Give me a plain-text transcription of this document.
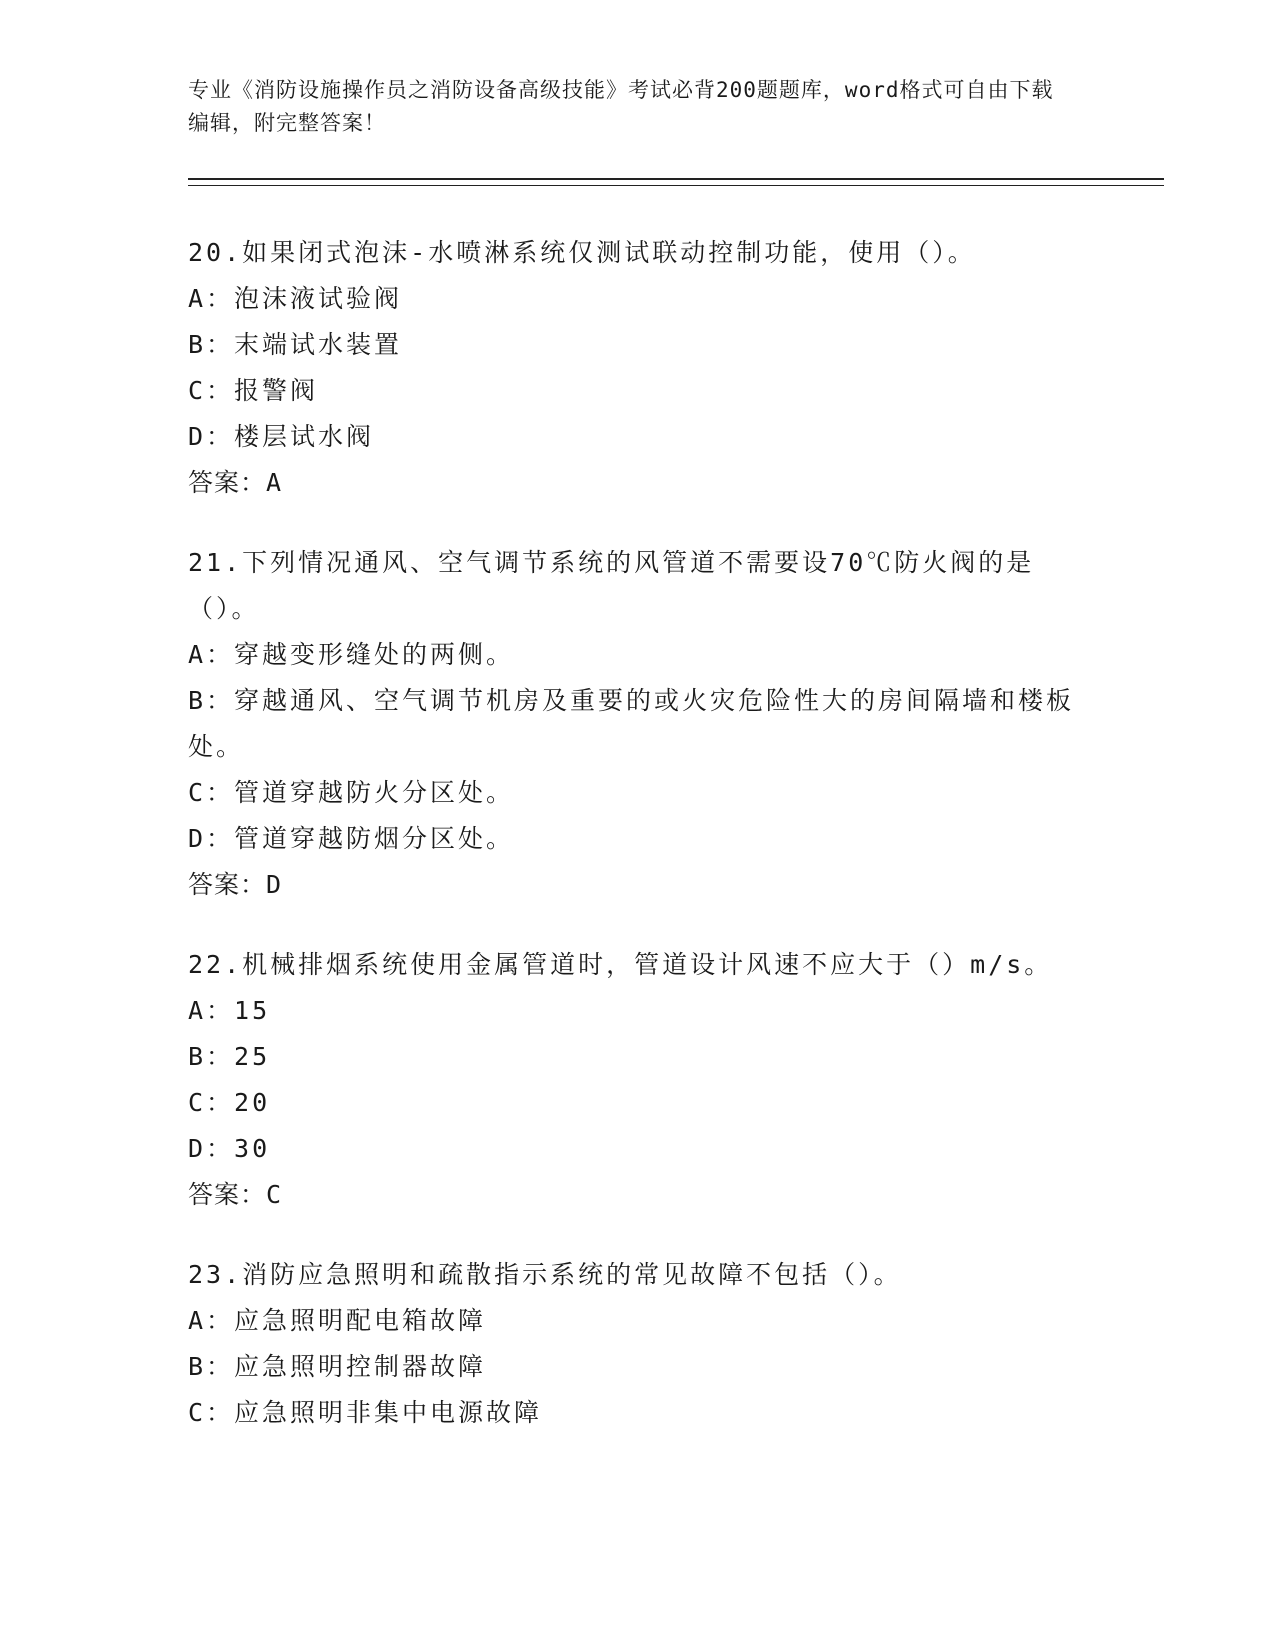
专业《消防设施操作员之消防设备高级技能》考试必背200题题库，word格式可自由下载编辑，附完整答案！
20.如果闭式泡沫-水喷淋系统仅测试联动控制功能，使用（）。
A：泡沫液试验阀
B：末端试水装置
C：报警阀
D：楼层试水阀
答案：A
21.下列情况通风、空气调节系统的风管道不需要设70℃防火阀的是（）。
A：穿越变形缝处的两侧。
B：穿越通风、空气调节机房及重要的或火灾危险性大的房间隔墙和楼板处。
C：管道穿越防火分区处。
D：管道穿越防烟分区处。
答案：D
22.机械排烟系统使用金属管道时，管道设计风速不应大于（）m/s。
A：15
B：25
C：20
D：30
答案：C
23.消防应急照明和疏散指示系统的常见故障不包括（）。
A：应急照明配电箱故障
B：应急照明控制器故障
C：应急照明非集中电源故障
